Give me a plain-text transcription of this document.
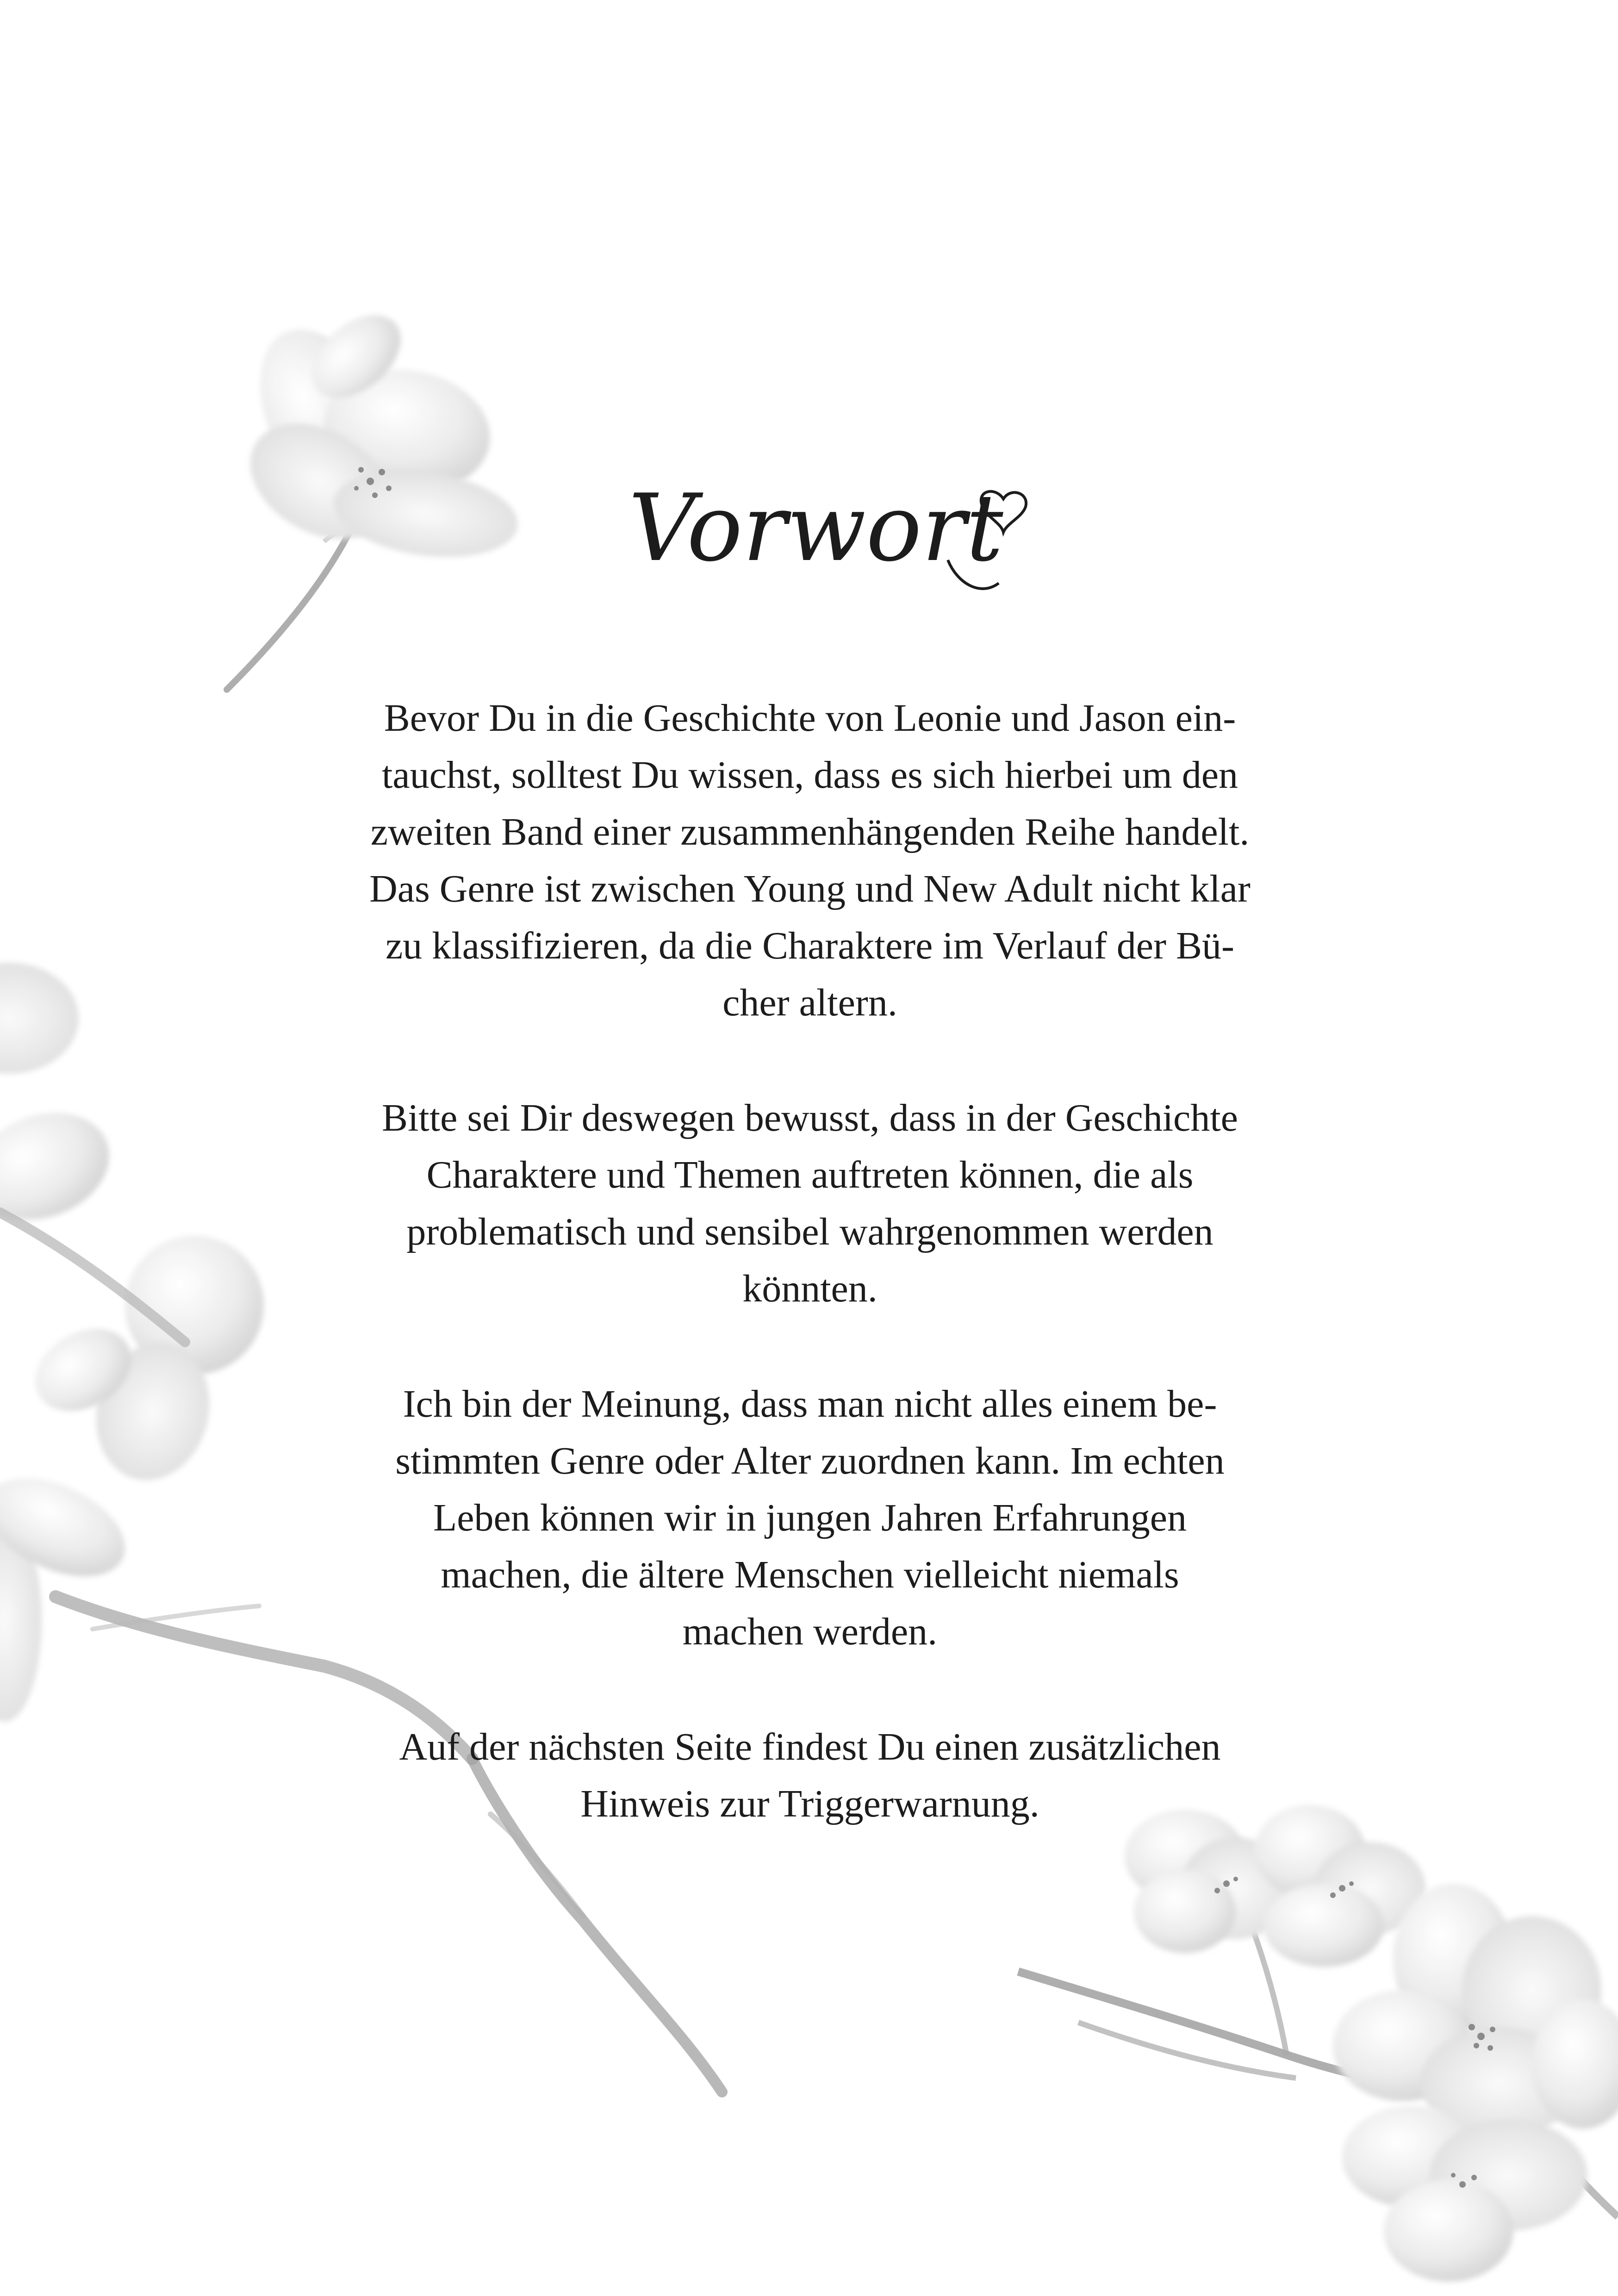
Vorwort

Bevor Du in die Geschichte von Leonie und Jason ein-
tauchst, solltest Du wissen, dass es sich hierbei um den
zweiten Band einer zusammenhängenden Reihe handelt.
Das Genre ist zwischen Young und New Adult nicht klar
zu klassifizieren, da die Charaktere im Verlauf der Bü-
cher altern.

Bitte sei Dir deswegen bewusst, dass in der Geschichte
Charaktere und Themen auftreten können, die als
problematisch und sensibel wahrgenommen werden
könnten.

Ich bin der Meinung, dass man nicht alles einem be-
stimmten Genre oder Alter zuordnen kann. Im echten
Leben können wir in jungen Jahren Erfahrungen
machen, die ältere Menschen vielleicht niemals
machen werden.

Auf der nächsten Seite findest Du einen zusätzlichen
Hinweis zur Triggerwarnung.
